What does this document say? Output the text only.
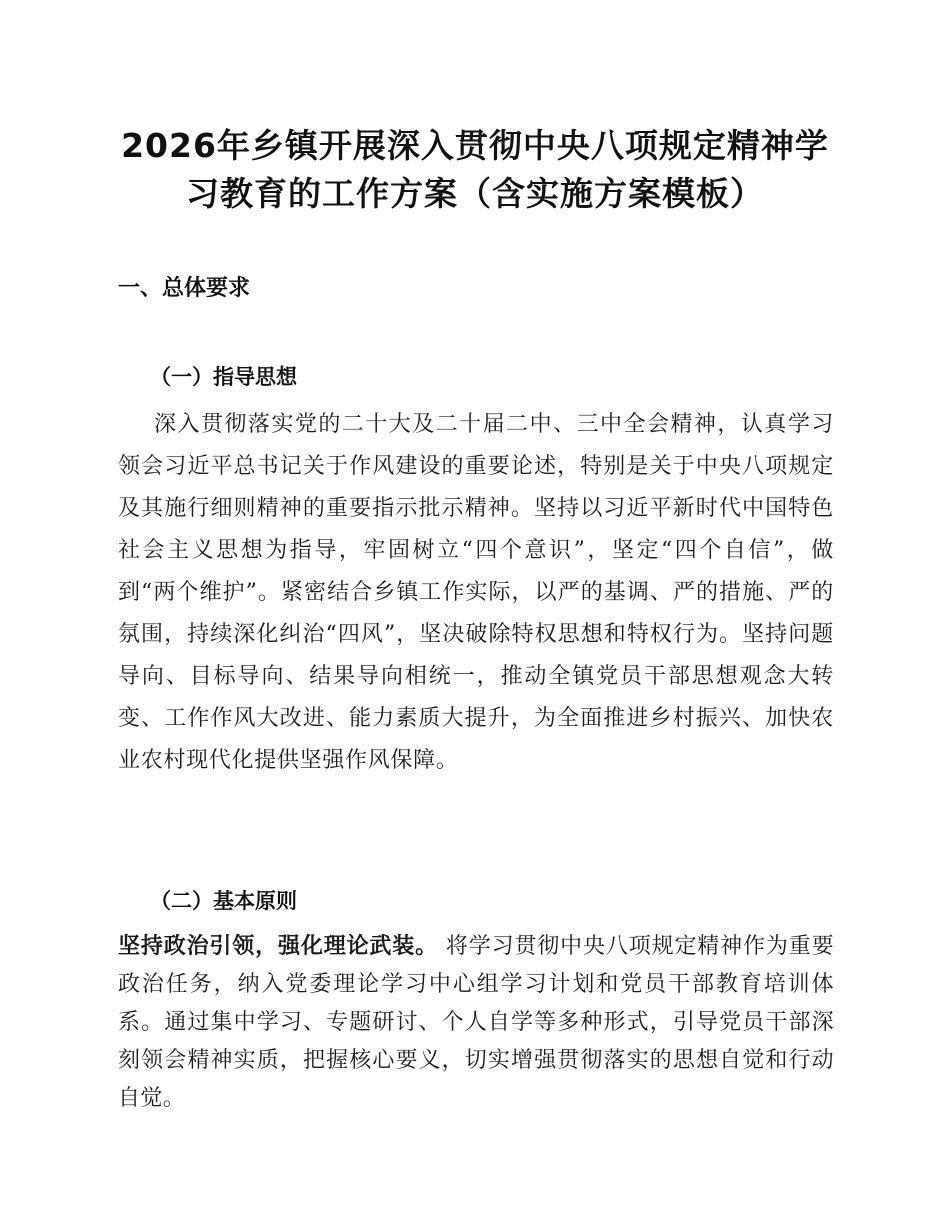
2026年乡镇开展深入贯彻中央八项规定精神学
习教育的工作方案（含实施方案模板）
一、总体要求
（一）指导思想

深入贯彻落实党的二十大及二十届二中、三中全会精神，认真学习领会习近平总书记关于作风建设的重要论述，特别是关于中央八项规定及其施行细则精神的重要指示批示精神。坚持以习近平新时代中国特色社会主义思想为指导，牢固树立“四个意识”，坚定“四个自信”，做到“两个维护”。紧密结合乡镇工作实际，以严的基调、严的措施、严的氛围，持续深化纠治“四风”，坚决破除特权思想和特权行为。坚持问题导向、目标导向、结果导向相统一，推动全镇党员干部思想观念大转变、工作作风大改进、能力素质大提升，为全面推进乡村振兴、加快农业农村现代化提供坚强作风保障。

（二）基本原则

坚持政治引领，强化理论武装。 将学习贯彻中央八项规定精神作为重要政治任务，纳入党委理论学习中心组学习计划和党员干部教育培训体系。通过集中学习、专题研讨、个人自学等多种形式，引导党员干部深刻领会精神实质，把握核心要义，切实增强贯彻落实的思想自觉和行动自觉。
